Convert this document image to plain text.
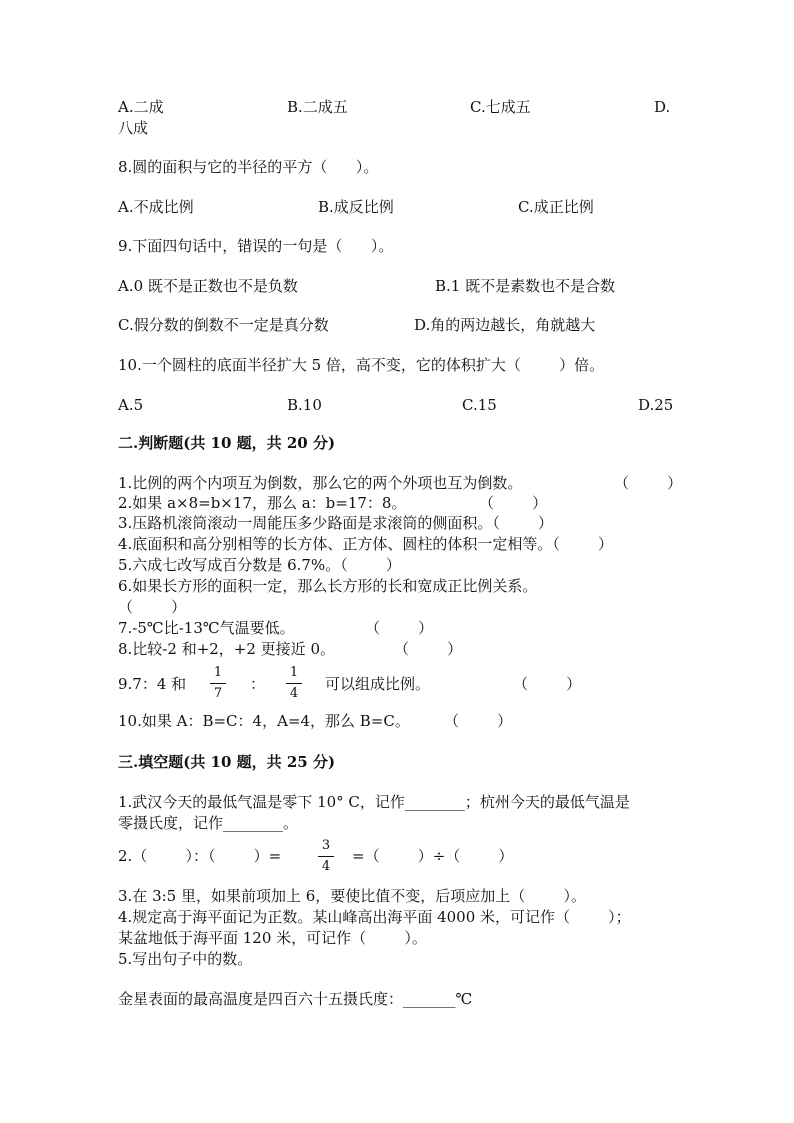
A.二成	B.二成五	C.七成五	D.
八成
8.圆的面积与它的半径的平方（      ）。
A.不成比例	B.成反比例	C.成正比例
9.下面四句话中，错误的一句是（      ）。
A.0 既不是正数也不是负数	B.1 既不是素数也不是合数
C.假分数的倒数不一定是真分数	D.角的两边越长，角就越大
10.一个圆柱的底面半径扩大 5 倍，高不变，它的体积扩大（        ）倍。
A.5	B.10	C.15	D.25
二.判断题(共 10 题，共 20 分)
1.比例的两个内项互为倒数，那么它的两个外项也互为倒数。	（        ）
2.如果 a×8=b×17，那么 a：b=17：8。	（        ）
3.压路机滚筒滚动一周能压多少路面是求滚筒的侧面积。（        ）
4.底面积和高分别相等的长方体、正方体、圆柱的体积一定相等。（        ）
5.六成七改写成百分数是 6.7%。（        ）
6.如果长方形的面积一定，那么长方形的长和宽成正比例关系。
（        ）
7.-5℃比-13℃气温要低。	（        ）
8.比较-2 和+2，+2 更接近 0。	（        ）
9.7：4 和
1
7
：
1
4
可以组成比例。	（        ）
10.如果 A：B=C：4，A=4，那么 B=C。 （        ）
三.填空题(共 10 题，共 25 分)
1.武汉今天的最低气温是零下 10° C，记作________；杭州今天的最低气温是
零摄氏度，记作________。
2.（        ）：（        ）=
3
4
=（        ）÷（        ）
3.在 3:5 里，如果前项加上 6，要使比值不变，后项应加上（        ）。
4.规定高于海平面记为正数。某山峰高出海平面 4000 米，可记作（        ）；
某盆地低于海平面 120 米，可记作（        ）。
5.写出句子中的数。
金星表面的最高温度是四百六十五摄氏度：_______℃
